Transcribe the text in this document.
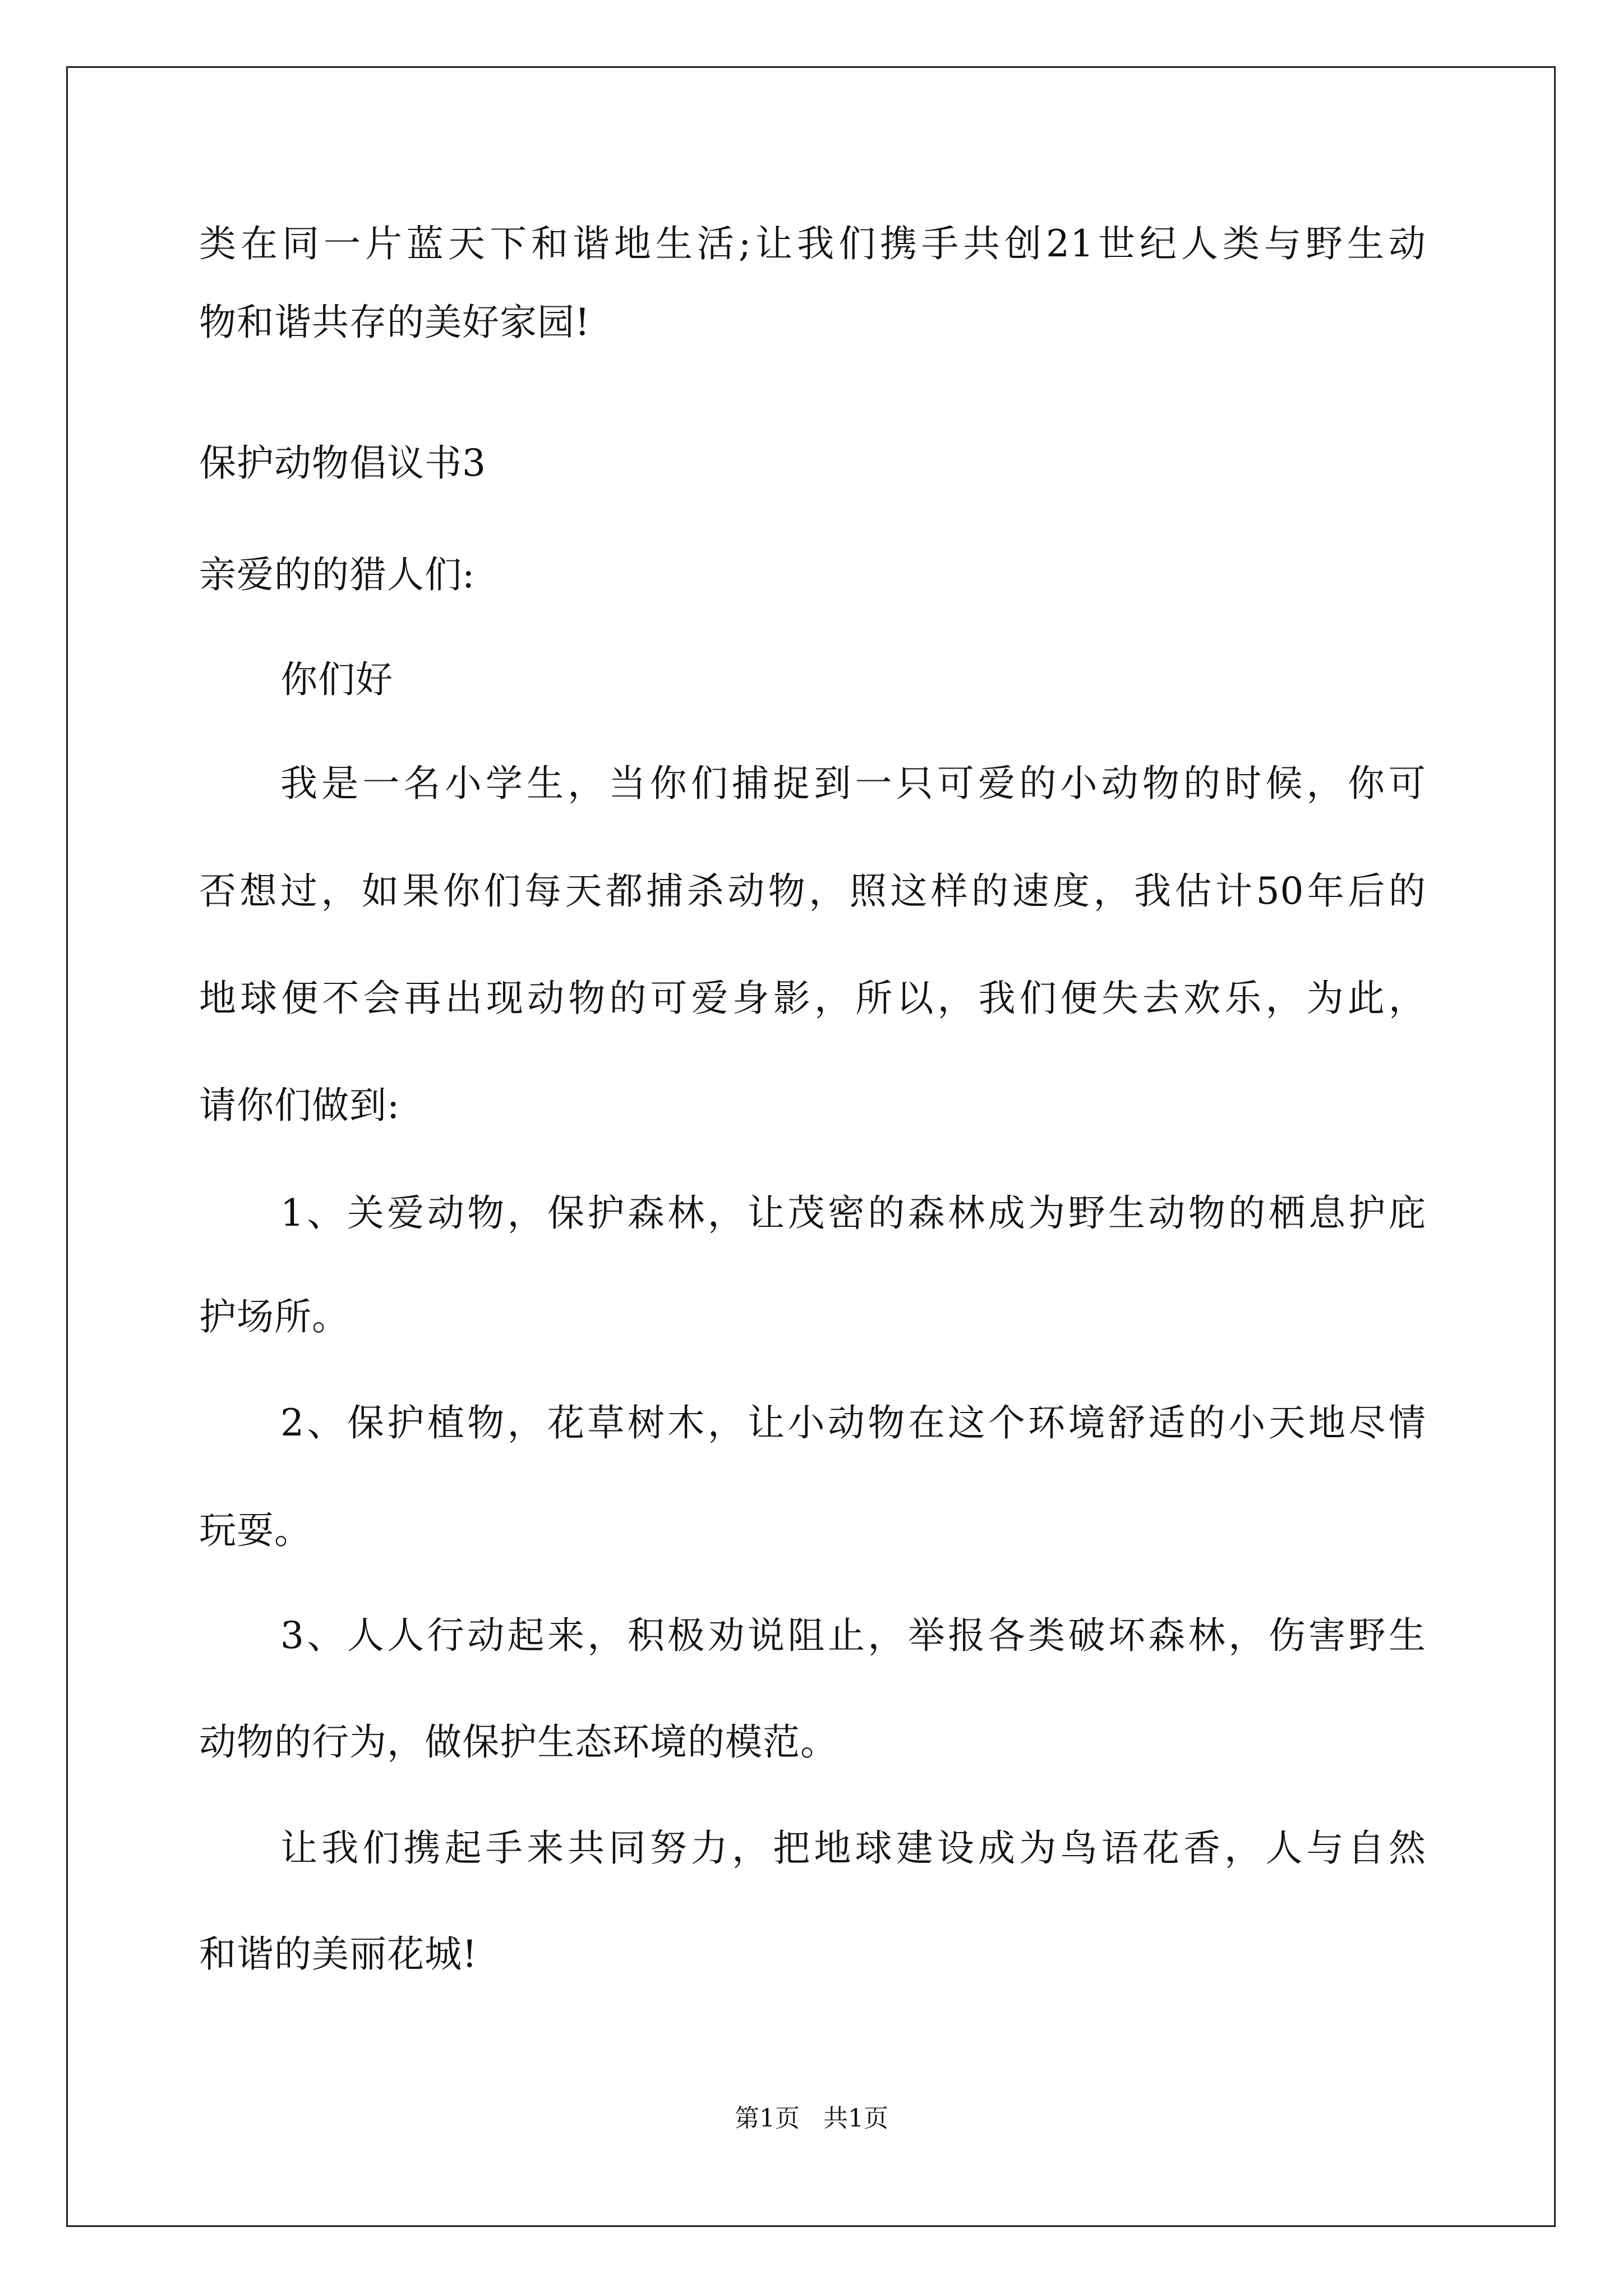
类在同一片蓝天下和谐地生活;让我们携手共创21世纪人类与野生动
物和谐共存的美好家园!
保护动物倡议书3
亲爱的的猎人们:
你们好
我是一名小学生，当你们捕捉到一只可爱的小动物的时候，你可
否想过，如果你们每天都捕杀动物，照这样的速度，我估计50年后的
地球便不会再出现动物的可爱身影，所以，我们便失去欢乐，为此，
请你们做到:
1、关爱动物，保护森林，让茂密的森林成为野生动物的栖息护庇
护场所。
2、保护植物，花草树木，让小动物在这个环境舒适的小天地尽情
玩耍。
3、人人行动起来，积极劝说阻止，举报各类破坏森林，伤害野生
动物的行为，做保护生态环境的模范。
让我们携起手来共同努力，把地球建设成为鸟语花香，人与自然
和谐的美丽花城!
第1页   共1页
